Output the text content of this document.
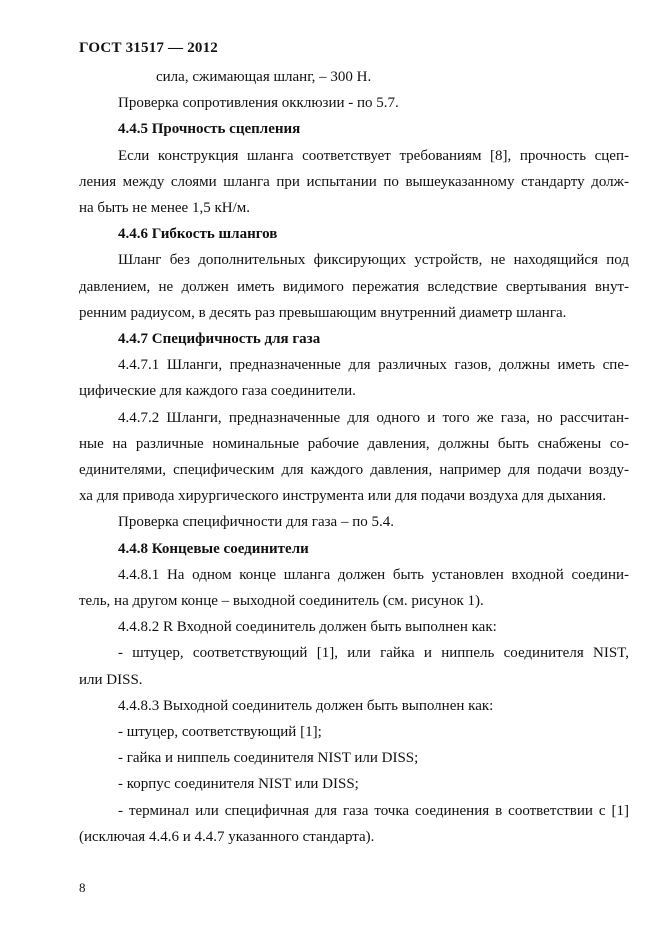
ГОСТ 31517 — 2012
сила, сжимающая шланг, – 300 Н.
Проверка сопротивления окклюзии - по 5.7.
4.4.5 Прочность сцепления
Если конструкция шланга соответствует требованиям [8], прочность сцеп-
ления между слоями шланга при испытании по вышеуказанному стандарту долж-
на быть не менее 1,5 кН/м.
4.4.6 Гибкость шлангов
Шланг без дополнительных фиксирующих устройств, не находящийся под
давлением, не должен иметь видимого пережатия вследствие свертывания внут-
ренним радиусом, в десять раз превышающим внутренний диаметр шланга.
4.4.7 Специфичность для газа
4.4.7.1 Шланги, предназначенные для различных газов, должны иметь спе-
цифические для каждого газа соединители.
4.4.7.2 Шланги, предназначенные для одного и того же газа, но рассчитан-
ные на различные номинальные рабочие давления, должны быть снабжены со-
единителями, специфическим для каждого давления, например для подачи возду-
ха для привода хирургического инструмента или для подачи воздуха для дыхания.
Проверка специфичности для газа – по 5.4.
4.4.8 Концевые соединители
4.4.8.1 На одном конце шланга должен быть установлен входной соедини-
тель, на другом конце – выходной соединитель (см. рисунок 1).
4.4.8.2 R Входной соединитель должен быть выполнен как:
- штуцер, соответствующий [1], или гайка и ниппель соединителя NIST,
или DISS.
4.4.8.3 Выходной соединитель должен быть выполнен как:
- штуцер, соответствующий [1];
- гайка и ниппель соединителя NIST или DISS;
- корпус соединителя NIST или DISS;
- терминал или специфичная для газа точка соединения в соответствии с [1]
(исключая 4.4.6 и 4.4.7 указанного стандарта).
8
